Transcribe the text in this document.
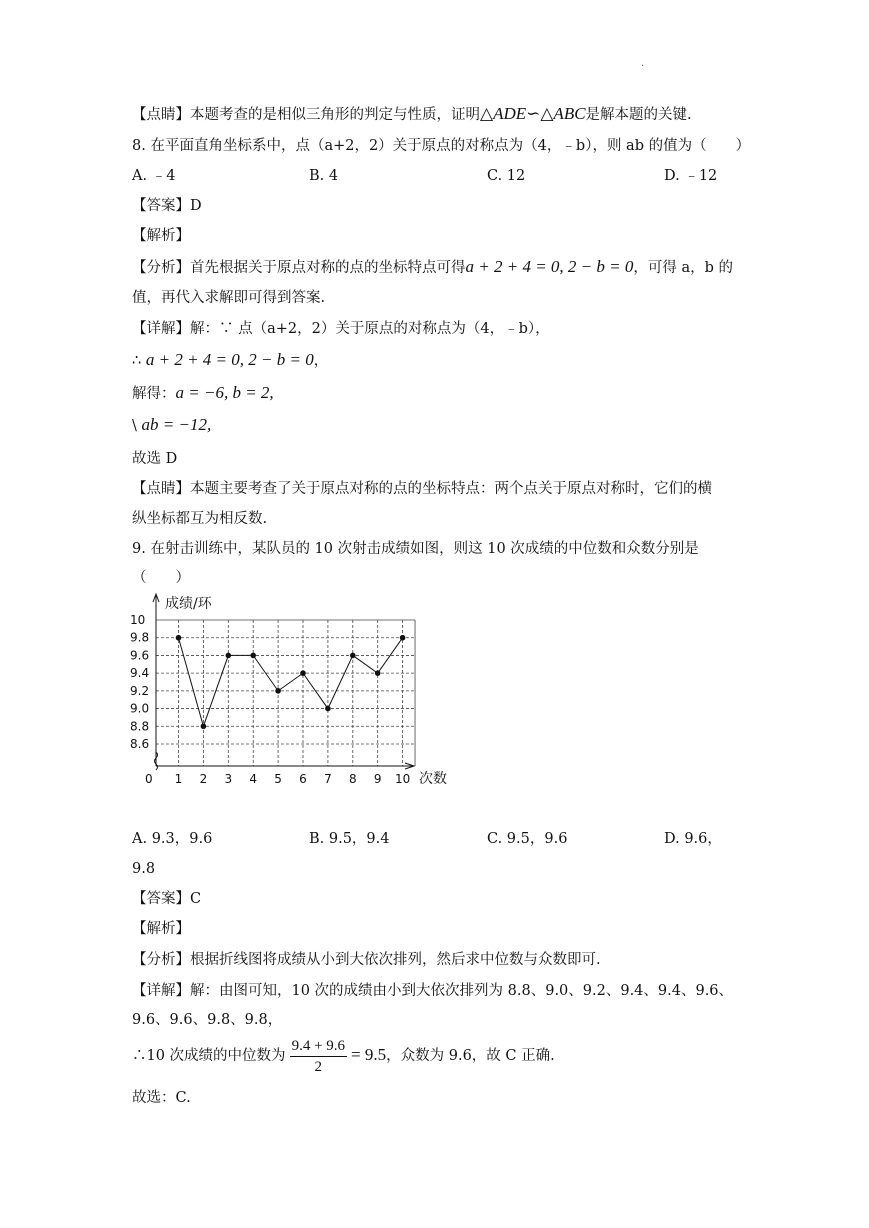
.
【点睛】本题考查的是相似三角形的判定与性质，证明△ADE∽△ABC是解本题的关键.
8. 在平面直角坐标系中，点（a+2，2）关于原点的对称点为（4，﹣b），则 ab 的值为（　　）
A. ﹣4	B. 4	C. 12	D. ﹣12
【答案】D
【解析】
【分析】首先根据关于原点对称的点的坐标特点可得a + 2 + 4 = 0, 2 − b = 0，可得 a，b 的
值，再代入求解即可得到答案.
【详解】解：∵ 点（a+2，2）关于原点的对称点为（4，﹣b），
∴ a + 2 + 4 = 0, 2 − b = 0，
解得：a = −6, b = 2,
\ ab = −12,
故选 D
【点睛】本题主要考查了关于原点对称的点的坐标特点：两个点关于原点对称时，它们的横
纵坐标都互为相反数.
9. 在射击训练中，某队员的 10 次射击成绩如图，则这 10 次成绩的中位数和众数分别是
（　　）
成绩/环
次数
0
8.6
8.8
9.0
9.2
9.4
9.6
9.8
10
1 2 3 4 5 6 7 8 9 10
A. 9.3，9.6	B. 9.5，9.4	C. 9.5，9.6	D. 9.6，
9.8
【答案】C
【解析】
【分析】根据折线图将成绩从小到大依次排列，然后求中位数与众数即可.
【详解】解：由图可知，10 次的成绩由小到大依次排列为 8.8、9.0、9.2、9.4、9.4、9.6、
9.6、9.6、9.8、9.8，
∴10 次成绩的中位数为 $\frac{9.4 + 9.6}{2} = 9.5$，众数为 9.6，故 C 正确.
故选：C.
